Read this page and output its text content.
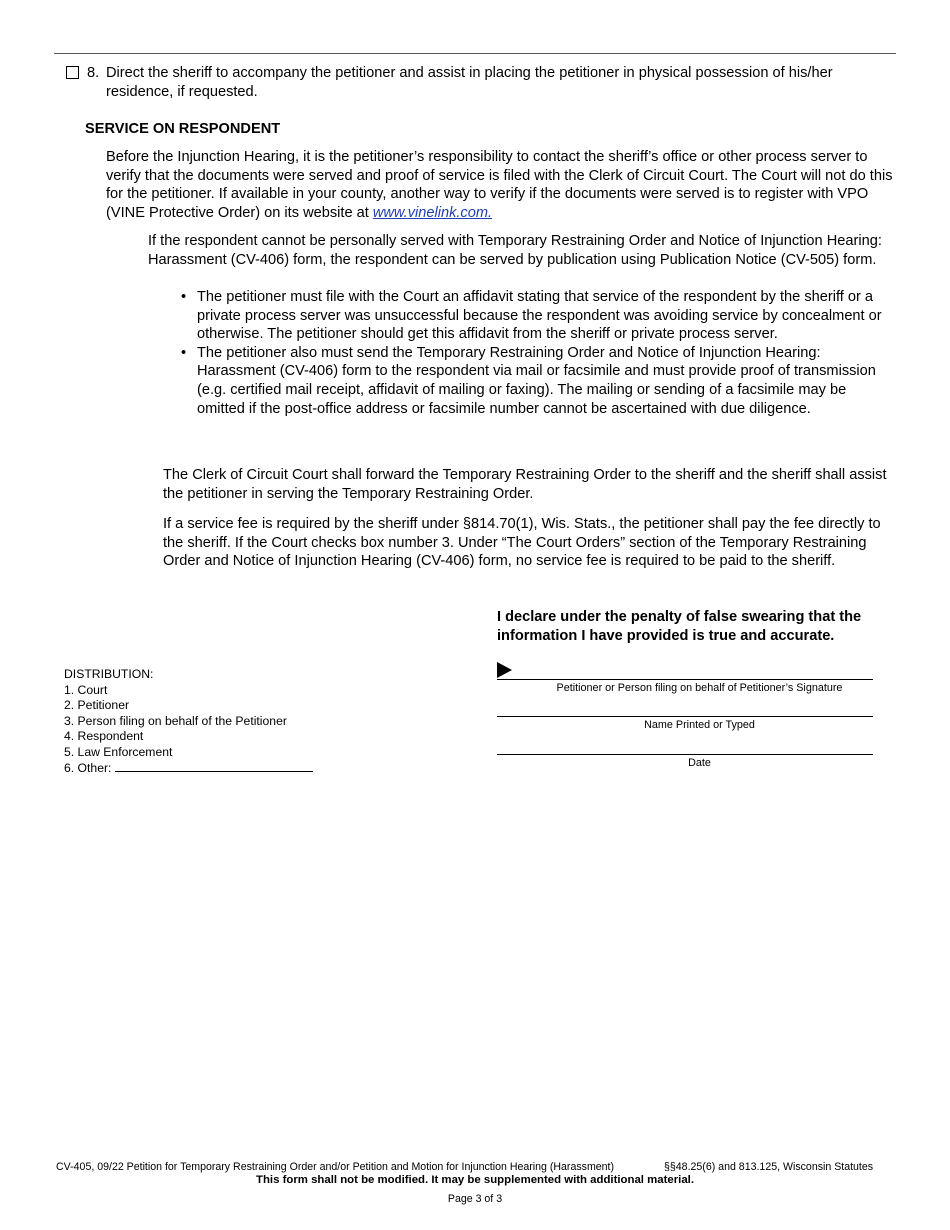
8. Direct the sheriff to accompany the petitioner and assist in placing the petitioner in physical possession of his/her residence, if requested.
SERVICE ON RESPONDENT
Before the Injunction Hearing, it is the petitioner’s responsibility to contact the sheriff’s office or other process server to verify that the documents were served and proof of service is filed with the Clerk of Circuit Court. The Court will not do this for the petitioner. If available in your county, another way to verify if the documents were served is to register with VPO (VINE Protective Order) on its website at www.vinelink.com.
If the respondent cannot be personally served with Temporary Restraining Order and Notice of Injunction Hearing: Harassment (CV-406) form, the respondent can be served by publication using Publication Notice (CV-505) form.
• The petitioner must file with the Court an affidavit stating that service of the respondent by the sheriff or a private process server was unsuccessful because the respondent was avoiding service by concealment or otherwise. The petitioner should get this affidavit from the sheriff or private process server.
• The petitioner also must send the Temporary Restraining Order and Notice of Injunction Hearing: Harassment (CV-406) form to the respondent via mail or facsimile and must provide proof of transmission (e.g. certified mail receipt, affidavit of mailing or faxing). The mailing or sending of a facsimile may be omitted if the post-office address or facsimile number cannot be ascertained with due diligence.
The Clerk of Circuit Court shall forward the Temporary Restraining Order to the sheriff and the sheriff shall assist the petitioner in serving the Temporary Restraining Order.
If a service fee is required by the sheriff under §814.70(1), Wis. Stats., the petitioner shall pay the fee directly to the sheriff. If the Court checks box number 3. Under “The Court Orders” section of the Temporary Restraining Order and Notice of Injunction Hearing (CV-406) form, no service fee is required to be paid to the sheriff.
I declare under the penalty of false swearing that the information I have provided is true and accurate.
DISTRIBUTION:
1. Court
2. Petitioner
3. Person filing on behalf of the Petitioner
4. Respondent
5. Law Enforcement
6. Other:
Petitioner or Person filing on behalf of Petitioner’s Signature
Name Printed or Typed
Date
CV-405, 09/22 Petition for Temporary Restraining Order and/or Petition and Motion for Injunction Hearing (Harassment)	§§48.25(6) and 813.125, Wisconsin Statutes
This form shall not be modified. It may be supplemented with additional material.
Page 3 of 3
